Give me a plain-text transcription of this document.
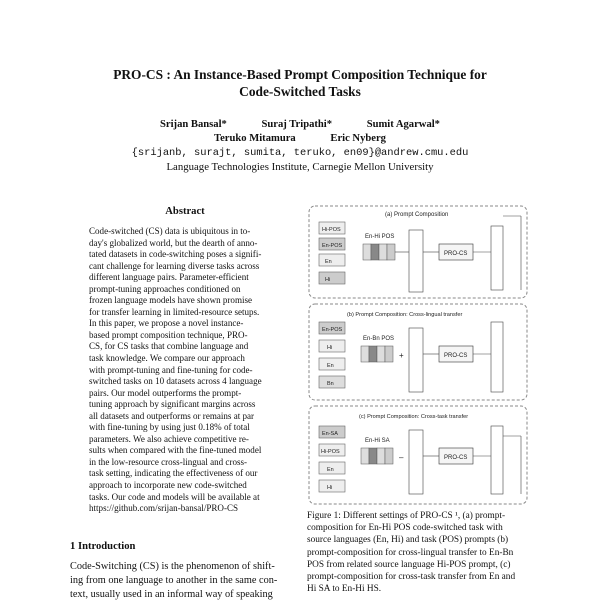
PRO-CS : An Instance-Based Prompt Composition Technique for
Code-Switched Tasks
Srijan Bansal*	Suraj Tripathi*	Sumit Agarwal*
Teruko Mitamura	Eric Nyberg
{srijanb, surajt, sumita, teruko, en09}@andrew.cmu.edu
Language Technologies Institute, Carnegie Mellon University
Abstract
Code-switched (CS) data is ubiquitous in to-
day's globalized world, but the dearth of anno-
tated datasets in code-switching poses a signifi-
cant challenge for learning diverse tasks across
different language pairs. Parameter-efficient
prompt-tuning approaches conditioned on
frozen language models have shown promise
for transfer learning in limited-resource setups.
In this paper, we propose a novel instance-
based prompt composition technique, PRO-
CS, for CS tasks that combine language and
task knowledge. We compare our approach
with prompt-tuning and fine-tuning for code-
switched tasks on 10 datasets across 4 language
pairs. Our model outperforms the prompt-
tuning approach by significant margins across
all datasets and outperforms or remains at par
with fine-tuning by using just 0.18% of total
parameters. We also achieve competitive re-
sults when compared with the fine-tuned model
in the low-resource cross-lingual and cross-
task setting, indicating the effectiveness of our
approach to incorporate new code-switched
tasks. Our code and models will be available at
https://github.com/srijan-bansal/PRO-CS
1 Introduction
Code-Switching (CS) is the phenomenon of shift-
ing from one language to another in the same con-
text, usually used in an informal way of speaking
(a) Prompt Composition
Hi-POS
En-POS
En
Hi
En-Hi POS
PRO-CS
(b) Prompt Composition: Cross-lingual transfer
En-POS
Hi
En
Bn
En-Bn POS
+	PRO-CS
(c) Prompt Composition: Cross-task transfer
En-SA
Hi-POS
En
Hi
En-Hi SA
–	PRO-CS
Figure 1: Different settings of PRO-CS ¹, (a) prompt-
composition for En-Hi POS code-switched task with
source languages (En, Hi) and task (POS) prompts (b)
prompt-composition for cross-lingual transfer to En-Bn
POS from related source language Hi-POS prompt, (c)
prompt-composition for cross-task transfer from En and
Hi SA to En-Hi HS.
